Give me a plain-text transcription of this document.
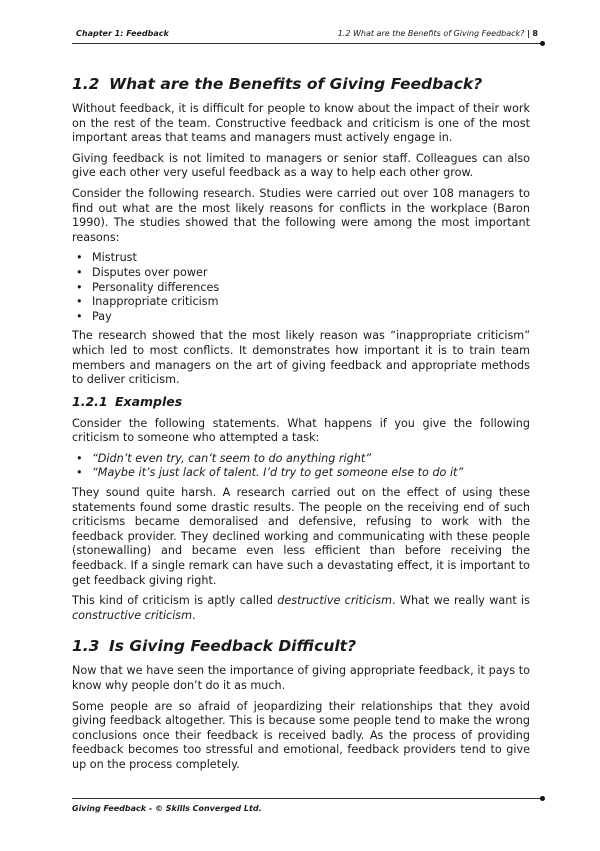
Chapter 1: Feedback	1.2 What are the Benefits of Giving Feedback? | 8
1.2 What are the Benefits of Giving Feedback?

Without feedback, it is difficult for people to know about the impact of their work on the rest of the team. Constructive feedback and criticism is one of the most important areas that teams and managers must actively engage in.

Giving feedback is not limited to managers or senior staff. Colleagues can also give each other very useful feedback as a way to help each other grow.

Consider the following research. Studies were carried out over 108 managers to find out what are the most likely reasons for conflicts in the workplace (Baron 1990). The studies showed that the following were among the most important reasons:

• Mistrust
• Disputes over power
• Personality differences
• Inappropriate criticism
• Pay

The research showed that the most likely reason was “inappropriate criticism” which led to most conflicts. It demonstrates how important it is to train team members and managers on the art of giving feedback and appropriate methods to deliver criticism.

1.2.1 Examples

Consider the following statements. What happens if you give the following criticism to someone who attempted a task:

• “Didn’t even try, can’t seem to do anything right”
• “Maybe it’s just lack of talent. I’d try to get someone else to do it”

They sound quite harsh. A research carried out on the effect of using these statements found some drastic results. The people on the receiving end of such criticisms became demoralised and defensive, refusing to work with the feedback provider. They declined working and communicating with these people (stonewalling) and became even less efficient than before receiving the feedback. If a single remark can have such a devastating effect, it is important to get feedback giving right.

This kind of criticism is aptly called destructive criticism. What we really want is constructive criticism.

1.3 Is Giving Feedback Difficult?

Now that we have seen the importance of giving appropriate feedback, it pays to know why people don’t do it as much.

Some people are so afraid of jeopardizing their relationships that they avoid giving feedback altogether. This is because some people tend to make the wrong conclusions once their feedback is received badly. As the process of providing feedback becomes too stressful and emotional, feedback providers tend to give up on the process completely.

Giving Feedback - © Skills Converged Ltd.
